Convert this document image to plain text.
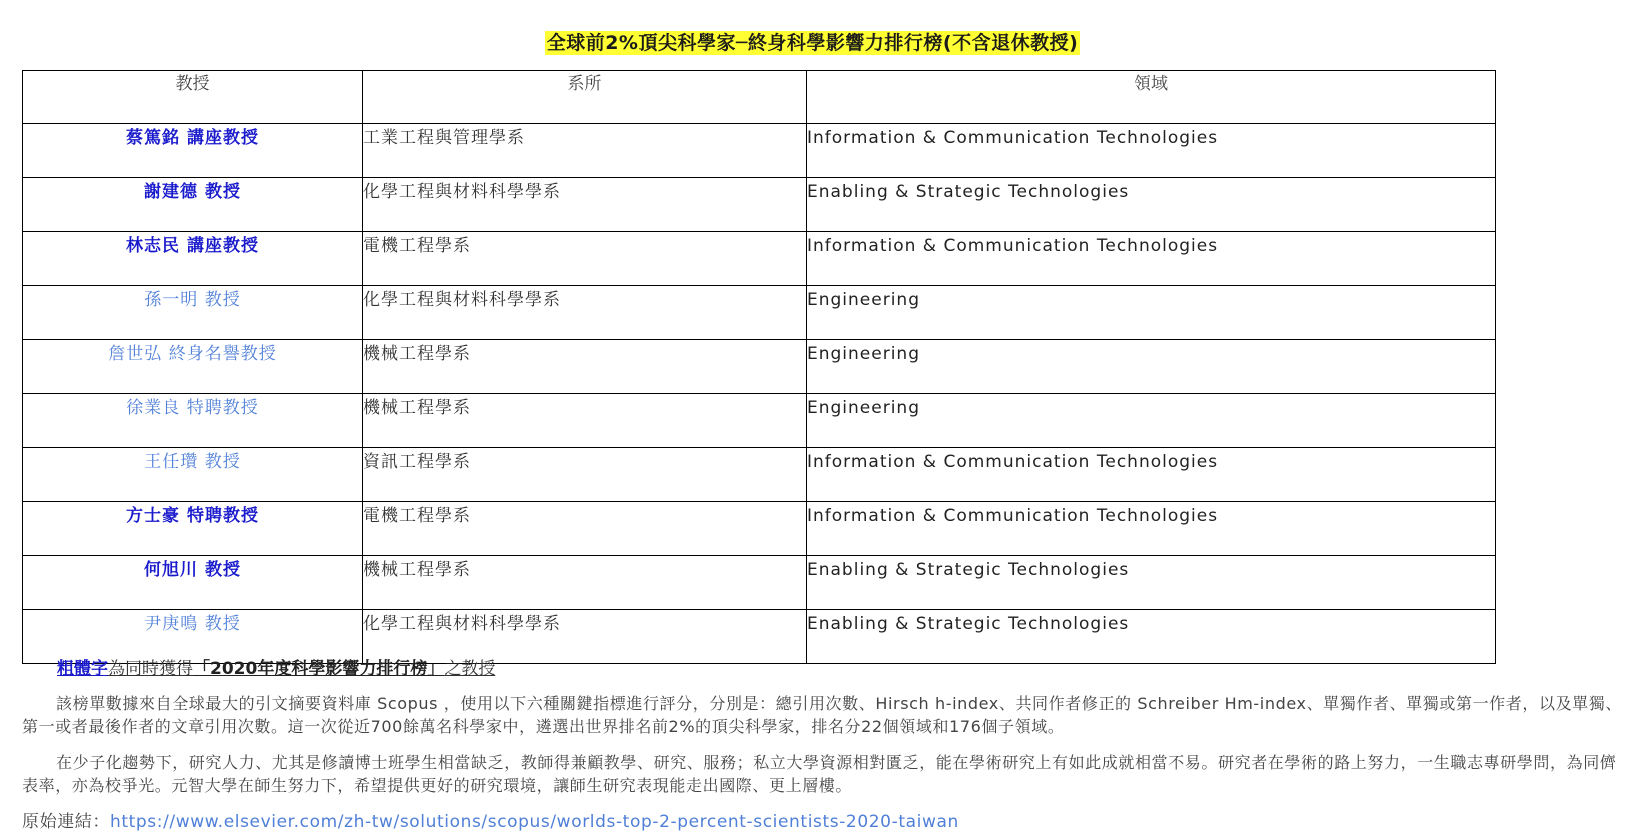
全球前2%頂尖科學家─終身科學影響力排行榜(不含退休教授)
教授	系所	領域
蔡篤銘 講座教授	工業工程與管理學系	Information & Communication Technologies
謝建德 教授	化學工程與材料科學學系	Enabling & Strategic Technologies
林志民 講座教授	電機工程學系	Information & Communication Technologies
孫一明 教授	化學工程與材料科學學系	Engineering
詹世弘 終身名譽教授	機械工程學系	Engineering
徐業良 特聘教授	機械工程學系	Engineering
王任瓚 教授	資訊工程學系	Information & Communication Technologies
方士豪 特聘教授	電機工程學系	Information & Communication Technologies
何旭川 教授	機械工程學系	Enabling & Strategic Technologies
尹庚鳴 教授	化學工程與材料科學學系	Enabling & Strategic Technologies
粗體字為同時獲得「2020年度科學影響力排行榜」之教授

該榜單數據來自全球最大的引文摘要資料庫 Scopus ，使用以下六種關鍵指標進行評分，分別是：總引用次數、Hirsch h-index、共同作者修正的 Schreiber Hm-index、單獨作者、單獨或第一作者，以及單獨、第一或者最後作者的文章引用次數。這一次從近700餘萬名科學家中，遴選出世界排名前2%的頂尖科學家，排名分22個領域和176個子領域。

在少子化趨勢下，研究人力、尤其是修讀博士班學生相當缺乏，教師得兼顧教學、研究、服務；私立大學資源相對匱乏，能在學術研究上有如此成就相當不易。研究者在學術的路上努力，一生職志專研學問，為同儕表率，亦為校爭光。元智大學在師生努力下，希望提供更好的研究環境，讓師生研究表現能走出國際、更上層樓。

原始連結：https://www.elsevier.com/zh-tw/solutions/scopus/worlds-top-2-percent-scientists-2020-taiwan
